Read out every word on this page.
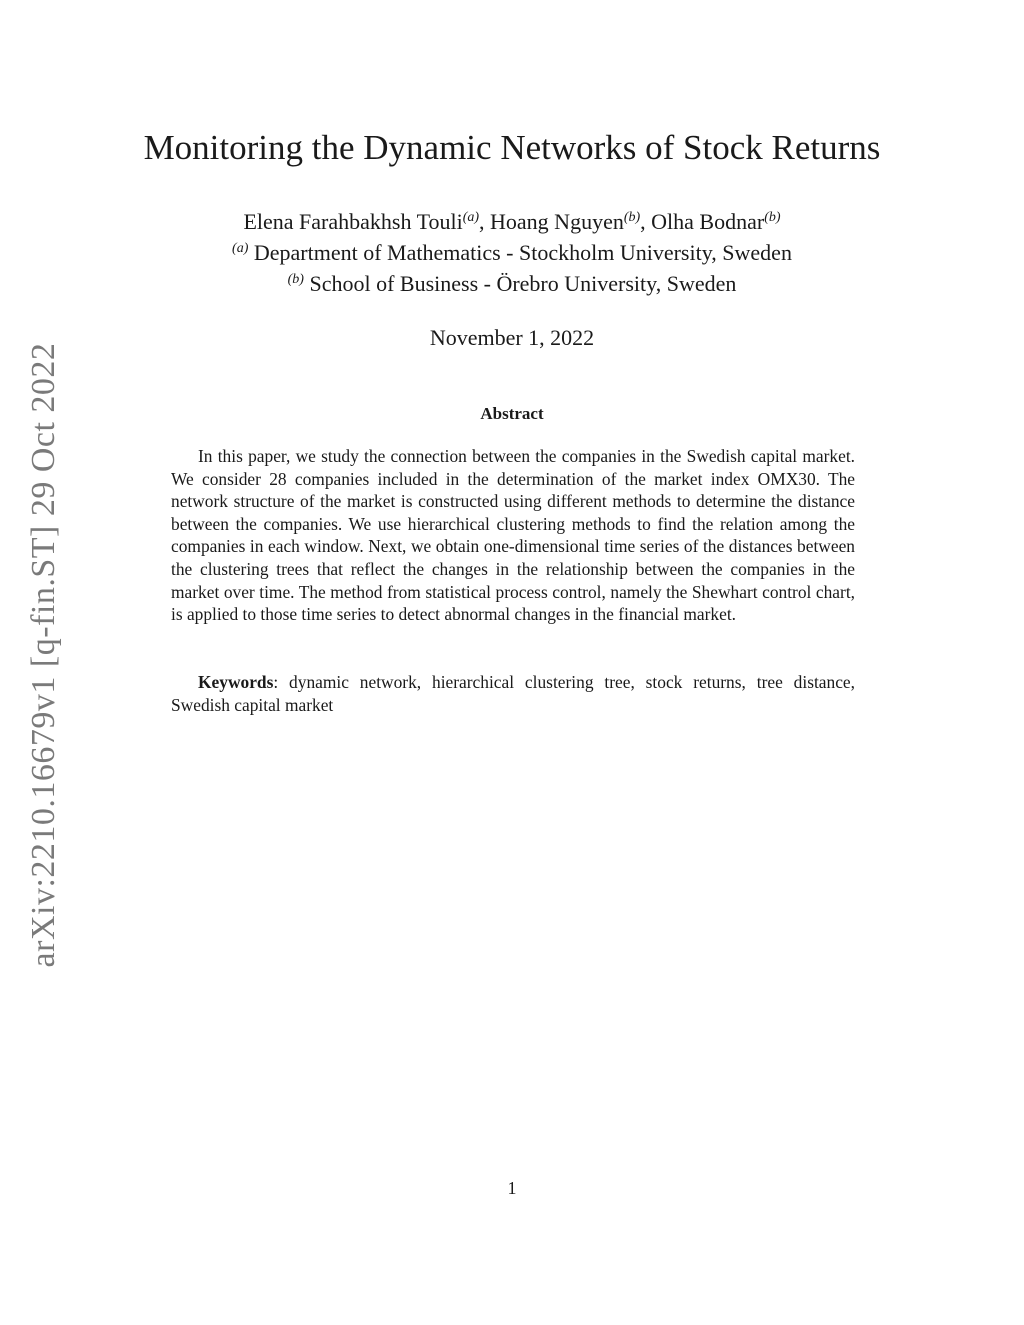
arXiv:2210.16679v1 [q-fin.ST] 29 Oct 2022
Monitoring the Dynamic Networks of Stock Returns
Elena Farahbakhsh Touli$^{(a)}$, Hoang Nguyen$^{(b)}$, Olha Bodnar$^{(b)}$
$^{(a)}$ Department of Mathematics - Stockholm University, Sweden
$^{(b)}$ School of Business - Örebro University, Sweden
November 1, 2022
Abstract

In this paper, we study the connection between the companies in the Swedish capital market. We consider 28 companies included in the determination of the market index OMX30. The network structure of the market is constructed using different methods to determine the distance between the companies. We use hierarchical clustering methods to find the relation among the companies in each window. Next, we obtain one-dimensional time series of the distances between the clustering trees that reflect the changes in the relationship between the companies in the market over time. The method from statistical process control, namely the Shewhart control chart, is applied to those time series to detect abnormal changes in the financial market.

Keywords: dynamic network, hierarchical clustering tree, stock returns, tree distance, Swedish capital market

1
